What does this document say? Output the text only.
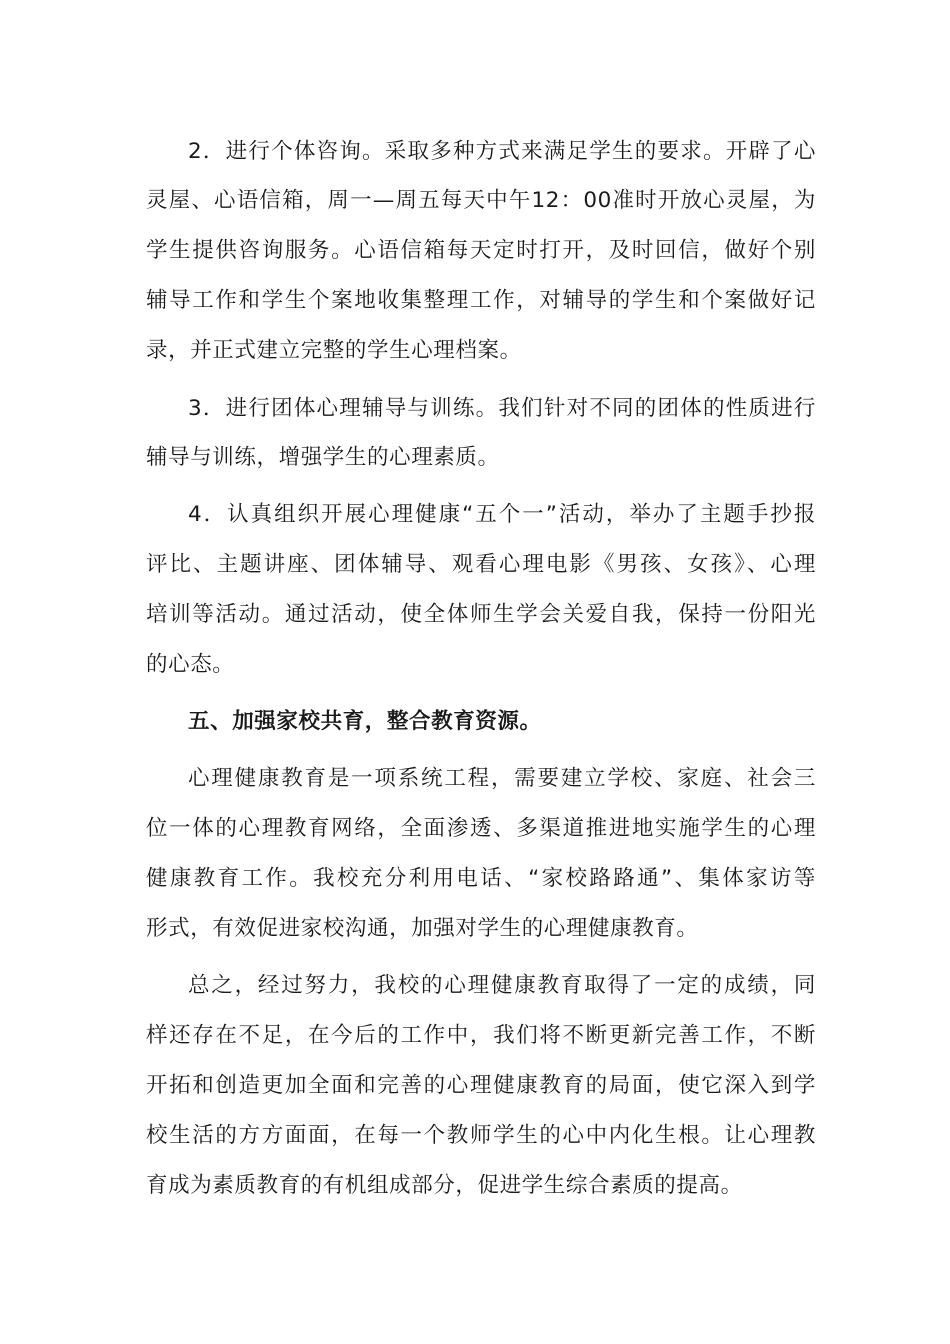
2．进行个体咨询。采取多种方式来满足学生的要求。开辟了心
灵屋、心语信箱，周一—周五每天中午12：00准时开放心灵屋，为
学生提供咨询服务。心语信箱每天定时打开，及时回信，做好个别
辅导工作和学生个案地收集整理工作，对辅导的学生和个案做好记
录，并正式建立完整的学生心理档案。
3．进行团体心理辅导与训练。我们针对不同的团体的性质进行
辅导与训练，增强学生的心理素质。
4．认真组织开展心理健康“五个一”活动，举办了主题手抄报
评比、主题讲座、团体辅导、观看心理电影《男孩、女孩》、心理
培训等活动。通过活动，使全体师生学会关爱自我，保持一份阳光
的心态。
五、加强家校共育，整合教育资源。
心理健康教育是一项系统工程，需要建立学校、家庭、社会三
位一体的心理教育网络，全面渗透、多渠道推进地实施学生的心理
健康教育工作。我校充分利用电话、“家校路路通”、集体家访等
形式，有效促进家校沟通，加强对学生的心理健康教育。
总之，经过努力，我校的心理健康教育取得了一定的成绩，同
样还存在不足，在今后的工作中，我们将不断更新完善工作，不断
开拓和创造更加全面和完善的心理健康教育的局面，使它深入到学
校生活的方方面面，在每一个教师学生的心中内化生根。让心理教
育成为素质教育的有机组成部分，促进学生综合素质的提高。
